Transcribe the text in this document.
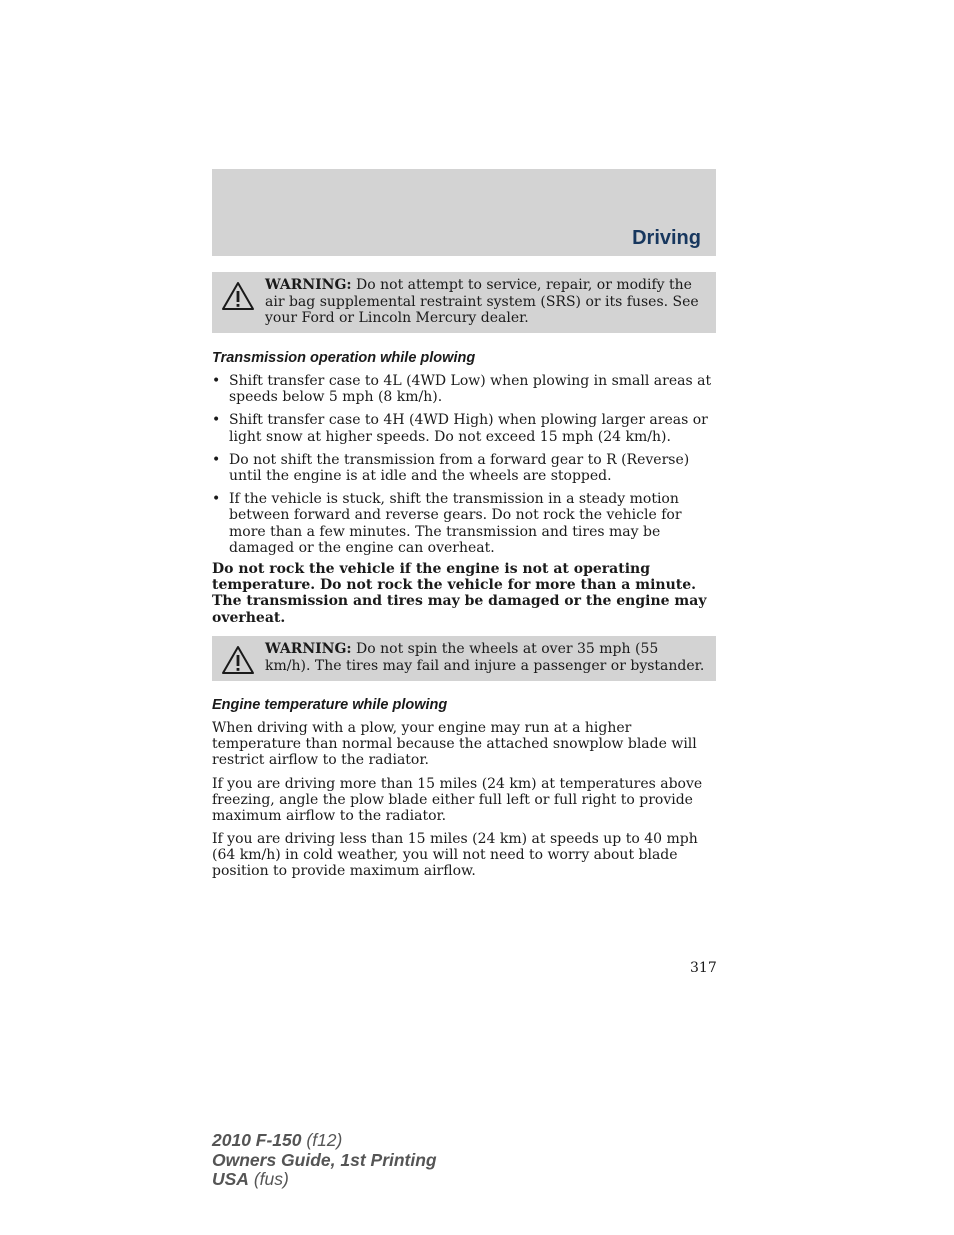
Driving
WARNING: Do not attempt to service, repair, or modify the air bag supplemental restraint system (SRS) or its fuses. See your Ford or Lincoln Mercury dealer.
Transmission operation while plowing
• Shift transfer case to 4L (4WD Low) when plowing in small areas at speeds below 5 mph (8 km/h).
• Shift transfer case to 4H (4WD High) when plowing larger areas or light snow at higher speeds. Do not exceed 15 mph (24 km/h).
• Do not shift the transmission from a forward gear to R (Reverse) until the engine is at idle and the wheels are stopped.
• If the vehicle is stuck, shift the transmission in a steady motion between forward and reverse gears. Do not rock the vehicle for more than a few minutes. The transmission and tires may be damaged or the engine can overheat.

Do not rock the vehicle if the engine is not at operating temperature. Do not rock the vehicle for more than a minute. The transmission and tires may be damaged or the engine may overheat.

WARNING: Do not spin the wheels at over 35 mph (55 km/h). The tires may fail and injure a passenger or bystander.
Engine temperature while plowing

When driving with a plow, your engine may run at a higher temperature than normal because the attached snowplow blade will restrict airflow to the radiator.

If you are driving more than 15 miles (24 km) at temperatures above freezing, angle the plow blade either full left or full right to provide maximum airflow to the radiator.

If you are driving less than 15 miles (24 km) at speeds up to 40 mph (64 km/h) in cold weather, you will not need to worry about blade position to provide maximum airflow.

317
2010 F-150 (f12)
Owners Guide, 1st Printing
USA (fus)
